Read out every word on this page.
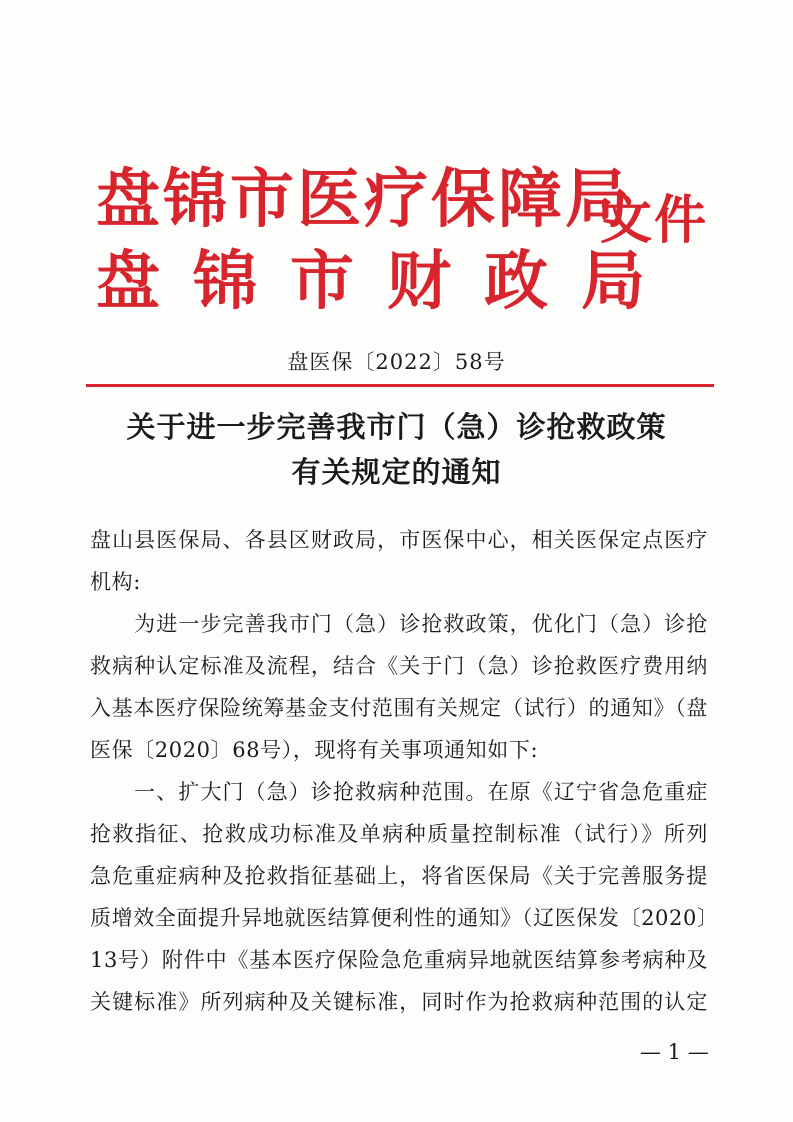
盘锦市医疗保障局
盘锦市财政局
文件
盘医保〔2022〕58号
关于进一步完善我市门（急）诊抢救政策
有关规定的通知
盘山县医保局、各县区财政局，市医保中心，相关医保定点医疗
机构:
　　为进一步完善我市门（急）诊抢救政策，优化门（急）诊抢
救病种认定标准及流程，结合《关于门（急）诊抢救医疗费用纳
入基本医疗保险统筹基金支付范围有关规定（试行）的通知》（盘
医保〔2020〕68号），现将有关事项通知如下:
　　一、扩大门（急）诊抢救病种范围。在原《辽宁省急危重症
抢救指征、抢救成功标准及单病种质量控制标准（试行）》所列
急危重症病种及抢救指征基础上，将省医保局《关于完善服务提
质增效全面提升异地就医结算便利性的通知》（辽医保发〔2020〕
13号）附件中《基本医疗保险急危重病异地就医结算参考病种及
关键标准》所列病种及关键标准，同时作为抢救病种范围的认定
— 1 —
